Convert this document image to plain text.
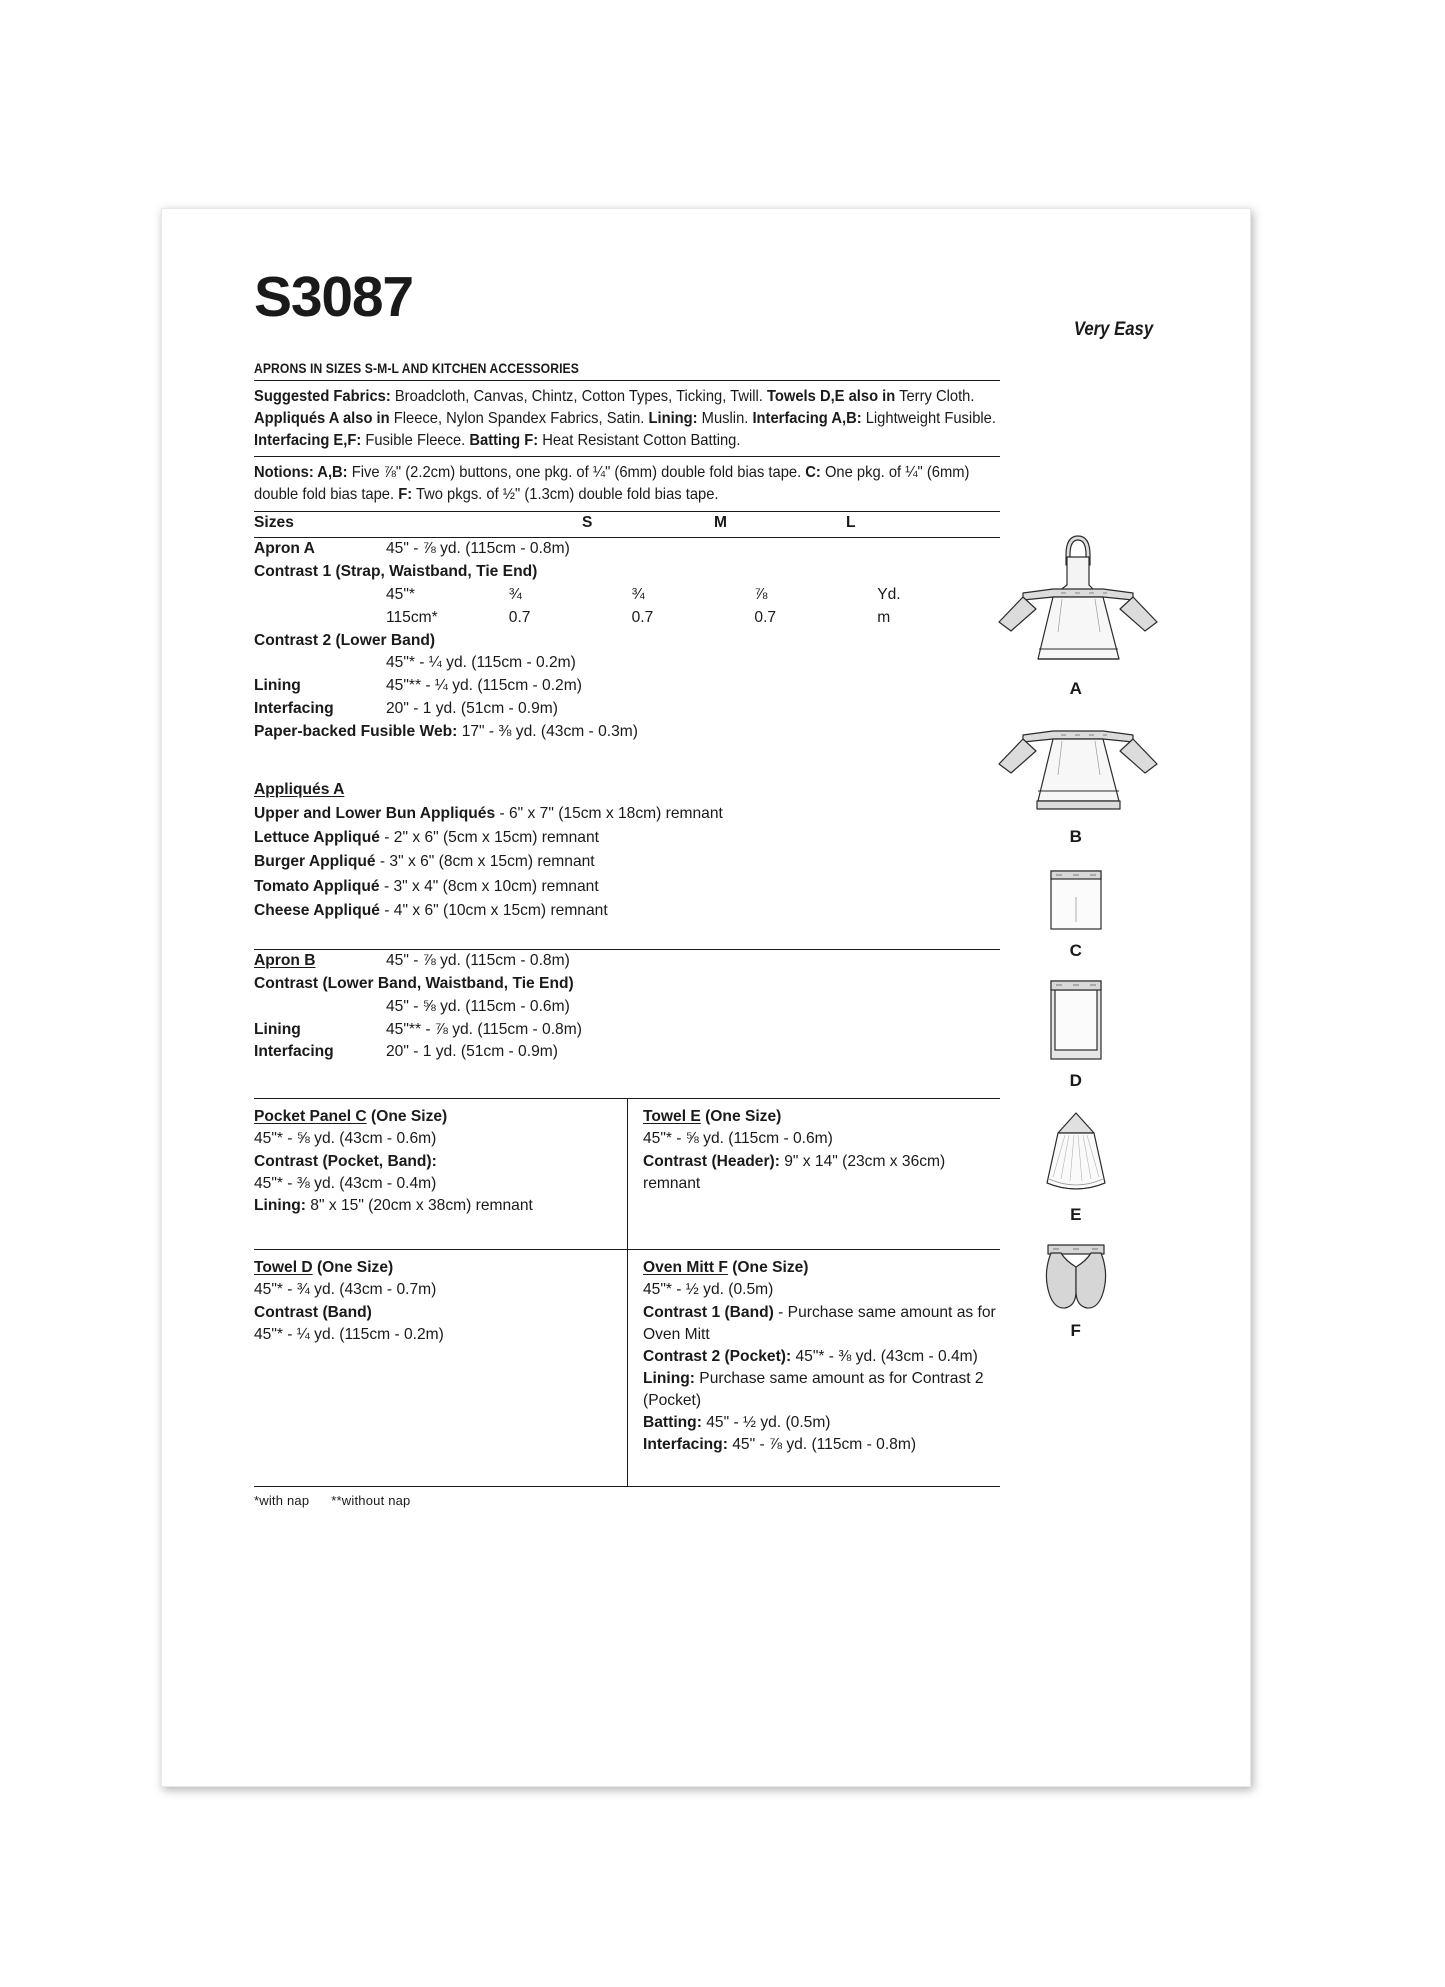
S3087
Very Easy
APRONS IN SIZES S-M-L AND KITCHEN ACCESSORIES
Suggested Fabrics: Broadcloth, Canvas, Chintz, Cotton Types, Ticking, Twill. Towels D,E also in Terry Cloth. Appliqués A also in Fleece, Nylon Spandex Fabrics, Satin. Lining: Muslin. Interfacing A,B: Lightweight Fusible. Interfacing E,F: Fusible Fleece. Batting F: Heat Resistant Cotton Batting.
Notions: A,B: Five ⅞" (2.2cm) buttons, one pkg. of ¼" (6mm) double fold bias tape. C: One pkg. of ¼" (6mm) double fold bias tape. F: Two pkgs. of ½" (1.3cm) double fold bias tape.
Sizes		S	M	L	
Apron A	45" - ⅞ yd. (115cm - 0.8m)				
Contrast 1 (Strap, Waistband, Tie End)					
	45"*	¾	¾	⅞	Yd.
	115cm*	0.7	0.7	0.7	m
Contrast 2 (Lower Band)					
	45"* - ¼ yd. (115cm - 0.2m)				
Lining	45"** - ¼ yd. (115cm - 0.2m)				
Interfacing	20" - 1 yd. (51cm - 0.9m)				
Paper-backed Fusible Web: 17" - ⅜ yd. (43cm - 0.3m)					
Appliqués A
Upper and Lower Bun Appliqués - 6" x 7" (15cm x 18cm) remnant
Lettuce Appliqué - 2" x 6" (5cm x 15cm) remnant
Burger Appliqué - 3" x 6" (8cm x 15cm) remnant
Tomato Appliqué - 3" x 4" (8cm x 10cm) remnant
Cheese Appliqué - 4" x 6" (10cm x 15cm) remnant
Apron B	45" - ⅞ yd. (115cm - 0.8m)
Contrast (Lower Band, Waistband, Tie End)	
	45" - ⅝ yd. (115cm - 0.6m)
Lining	45"** - ⅞ yd. (115cm - 0.8m)
Interfacing	20" - 1 yd. (51cm - 0.9m)
Pocket Panel C (One Size)
45"* - ⅝ yd. (43cm - 0.6m)
Contrast (Pocket, Band):
45"* - ⅜ yd. (43cm - 0.4m)
Lining: 8" x 15" (20cm x 38cm) remnant
Towel E (One Size)
45"* - ⅝ yd. (115cm - 0.6m)
Contrast (Header): 9" x 14" (23cm x 36cm) remnant
Towel D (One Size)
45"* - ¾ yd. (43cm - 0.7m)
Contrast (Band)
45"* - ¼ yd. (115cm - 0.2m)
Oven Mitt F (One Size)
45"* - ½ yd. (0.5m)
Contrast 1 (Band) - Purchase same amount as for Oven Mitt
Contrast 2 (Pocket): 45"* - ⅜ yd. (43cm - 0.4m)
Lining: Purchase same amount as for Contrast 2 (Pocket)
Batting: 45" - ½ yd. (0.5m)
Interfacing: 45" - ⅞ yd. (115cm - 0.8m)
*with nap **without nap
A
B
C
D
E
F
